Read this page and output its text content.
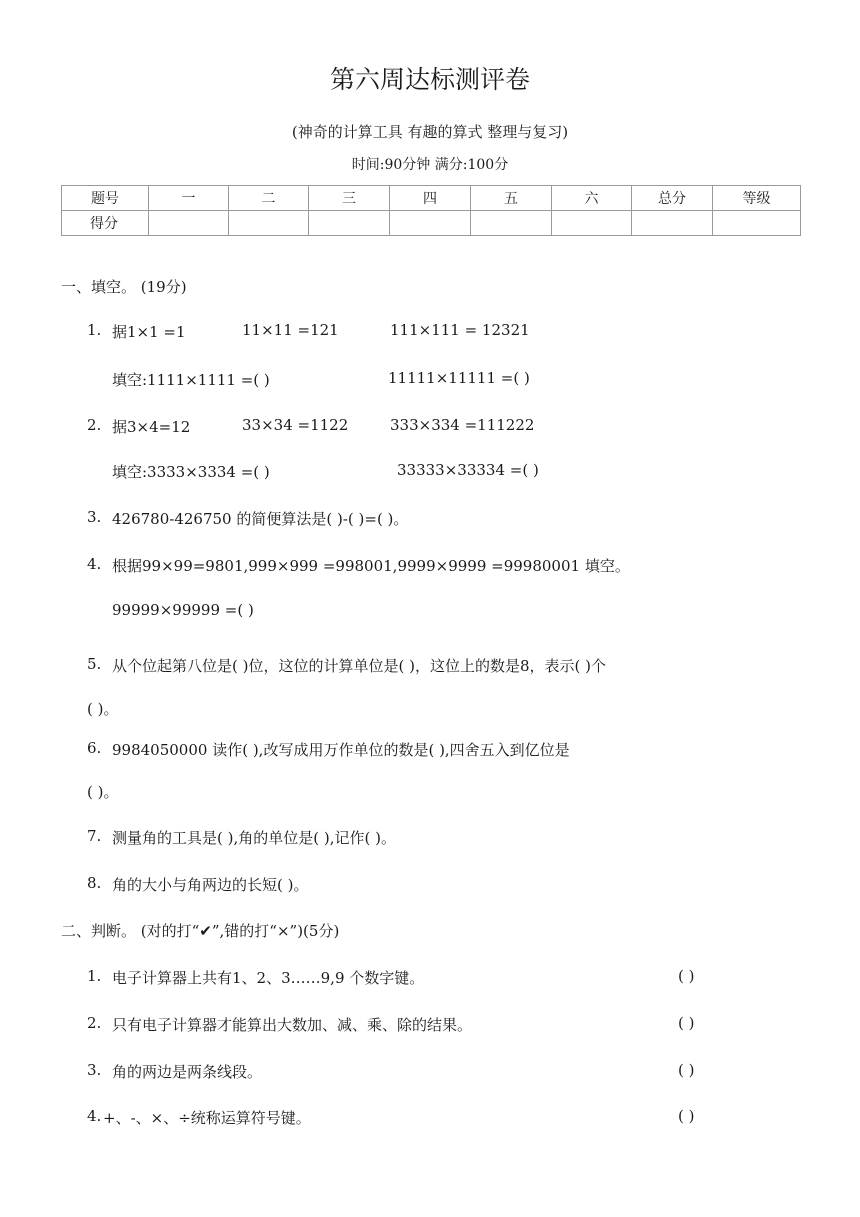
第六周达标测评卷
(神奇的计算工具 有趣的算式 整理与复习)
时间:90分钟 满分:100分
题号	一	二	三	四	五	六	总分	等级
得分								
一、填空。 (19分)
1. 据1×1 =1	11×11 =121	111×111 = 12321
填空:1111×1111 =( )	11111×11111 =( )
2. 据3×4=12	33×34 =1122	333×334 =111222
填空:3333×3334 =( )	33333×33334 =( )
3. 426780-426750 的简便算法是( )-( )=( )。
4. 根据99×99=9801,999×999 =998001,9999×9999 =99980001 填空。
99999×99999 =( )
5. 从个位起第八位是( )位，这位的计算单位是( )，这位上的数是8，表示( )个
( )。
6. 9984050000 读作( ),改写成用万作单位的数是( ),四舍五入到亿位是
( )。
7. 测量角的工具是( ),角的单位是( ),记作( )。
8. 角的大小与角两边的长短( )。
二、判断。 (对的打“✔”,错的打“×”)(5分)
1. 电子计算器上共有1、2、3……9,9 个数字键。	( )
2. 只有电子计算器才能算出大数加、减、乘、除的结果。	( )
3. 角的两边是两条线段。	( )
4. +、-、×、÷统称运算符号键。	( )
